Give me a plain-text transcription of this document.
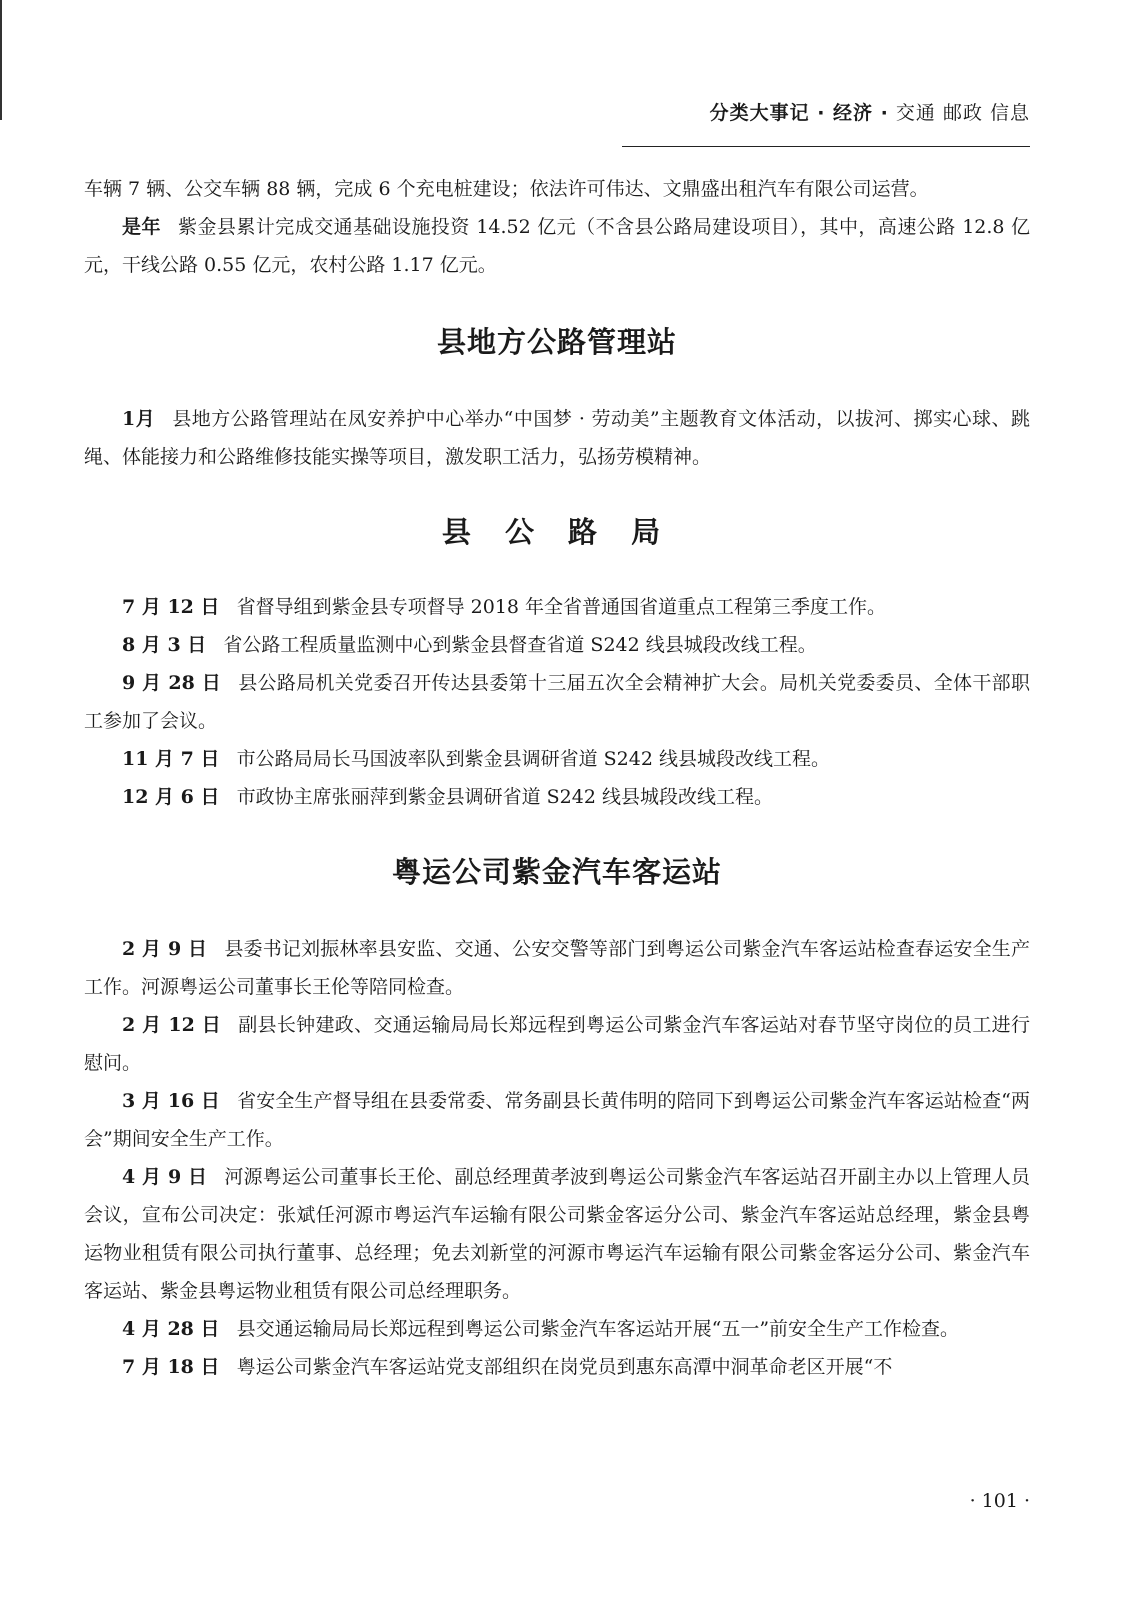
分类大事记 · 经济 · 交通 邮政 信息

车辆 7 辆、公交车辆 88 辆，完成 6 个充电桩建设；依法许可伟达、文鼎盛出租汽车有限公司运营。

是年 紫金县累计完成交通基础设施投资 14.52 亿元（不含县公路局建设项目），其中，高速公路 12.8 亿元，干线公路 0.55 亿元，农村公路 1.17 亿元。

县地方公路管理站

1月 县地方公路管理站在凤安养护中心举办“中国梦 · 劳动美”主题教育文体活动，以拔河、掷实心球、跳绳、体能接力和公路维修技能实操等项目，激发职工活力，弘扬劳模精神。

县 公 路 局

7 月 12 日 省督导组到紫金县专项督导 2018 年全省普通国省道重点工程第三季度工作。

8 月 3 日 省公路工程质量监测中心到紫金县督查省道 S242 线县城段改线工程。

9 月 28 日 县公路局机关党委召开传达县委第十三届五次全会精神扩大会。局机关党委委员、全体干部职工参加了会议。

11 月 7 日 市公路局局长马国波率队到紫金县调研省道 S242 线县城段改线工程。

12 月 6 日 市政协主席张丽萍到紫金县调研省道 S242 线县城段改线工程。

粤运公司紫金汽车客运站

2 月 9 日 县委书记刘振林率县安监、交通、公安交警等部门到粤运公司紫金汽车客运站检查春运安全生产工作。河源粤运公司董事长王伦等陪同检查。

2 月 12 日 副县长钟建政、交通运输局局长郑远程到粤运公司紫金汽车客运站对春节坚守岗位的员工进行慰问。

3 月 16 日 省安全生产督导组在县委常委、常务副县长黄伟明的陪同下到粤运公司紫金汽车客运站检查“两会”期间安全生产工作。

4 月 9 日 河源粤运公司董事长王伦、副总经理黄孝波到粤运公司紫金汽车客运站召开副主办以上管理人员会议，宣布公司决定：张斌任河源市粤运汽车运输有限公司紫金客运分公司、紫金汽车客运站总经理，紫金县粤运物业租赁有限公司执行董事、总经理；免去刘新堂的河源市粤运汽车运输有限公司紫金客运分公司、紫金汽车客运站、紫金县粤运物业租赁有限公司总经理职务。

4 月 28 日 县交通运输局局长郑远程到粤运公司紫金汽车客运站开展“五一”前安全生产工作检查。

7 月 18 日 粤运公司紫金汽车客运站党支部组织在岗党员到惠东高潭中洞革命老区开展“不

· 101 ·
